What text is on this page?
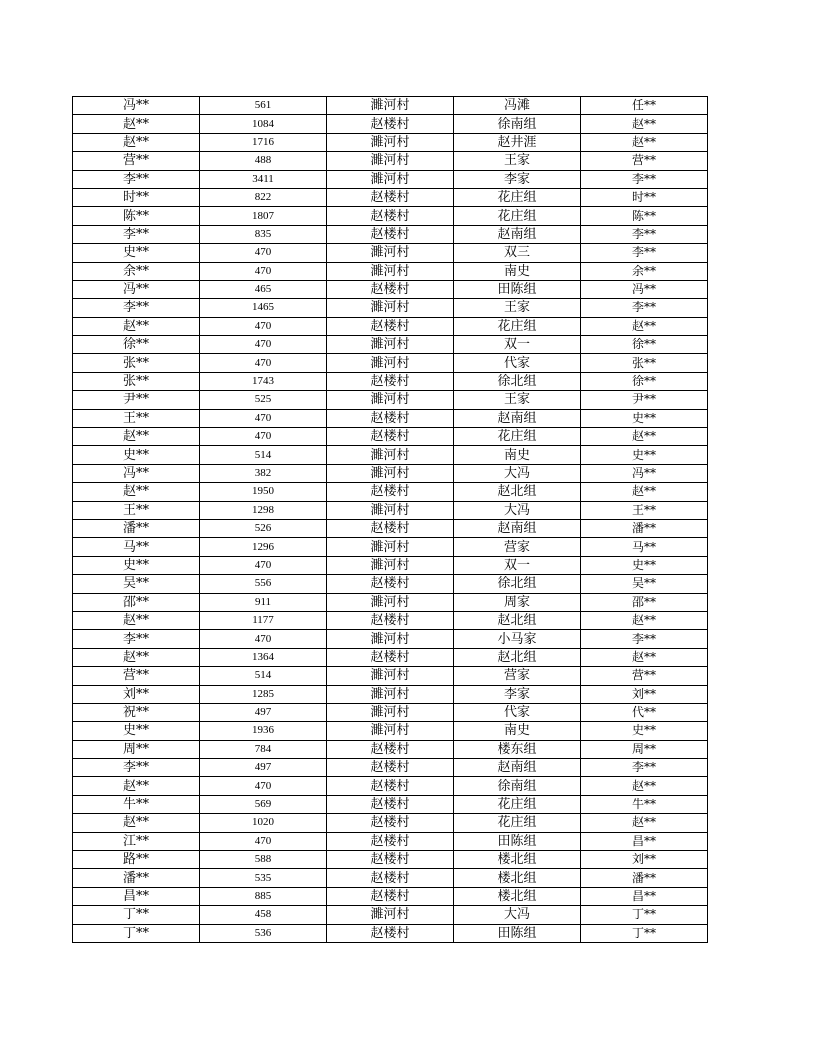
冯**	561	濉河村	冯滩	任**
赵**	1084	赵楼村	徐南组	赵**
赵**	1716	濉河村	赵井涯	赵**
营**	488	濉河村	王家	营**
李**	3411	濉河村	李家	李**
时**	822	赵楼村	花庄组	时**
陈**	1807	赵楼村	花庄组	陈**
李**	835	赵楼村	赵南组	李**
史**	470	濉河村	双三	李**
余**	470	濉河村	南史	余**
冯**	465	赵楼村	田陈组	冯**
李**	1465	濉河村	王家	李**
赵**	470	赵楼村	花庄组	赵**
徐**	470	濉河村	双一	徐**
张**	470	濉河村	代家	张**
张**	1743	赵楼村	徐北组	徐**
尹**	525	濉河村	王家	尹**
王**	470	赵楼村	赵南组	史**
赵**	470	赵楼村	花庄组	赵**
史**	514	濉河村	南史	史**
冯**	382	濉河村	大冯	冯**
赵**	1950	赵楼村	赵北组	赵**
王**	1298	濉河村	大冯	王**
潘**	526	赵楼村	赵南组	潘**
马**	1296	濉河村	营家	马**
史**	470	濉河村	双一	史**
吴**	556	赵楼村	徐北组	吴**
邵**	911	濉河村	周家	邵**
赵**	1177	赵楼村	赵北组	赵**
李**	470	濉河村	小马家	李**
赵**	1364	赵楼村	赵北组	赵**
营**	514	濉河村	营家	营**
刘**	1285	濉河村	李家	刘**
祝**	497	濉河村	代家	代**
史**	1936	濉河村	南史	史**
周**	784	赵楼村	楼东组	周**
李**	497	赵楼村	赵南组	李**
赵**	470	赵楼村	徐南组	赵**
牛**	569	赵楼村	花庄组	牛**
赵**	1020	赵楼村	花庄组	赵**
江**	470	赵楼村	田陈组	昌**
路**	588	赵楼村	楼北组	刘**
潘**	535	赵楼村	楼北组	潘**
昌**	885	赵楼村	楼北组	昌**
丁**	458	濉河村	大冯	丁**
丁**	536	赵楼村	田陈组	丁**
